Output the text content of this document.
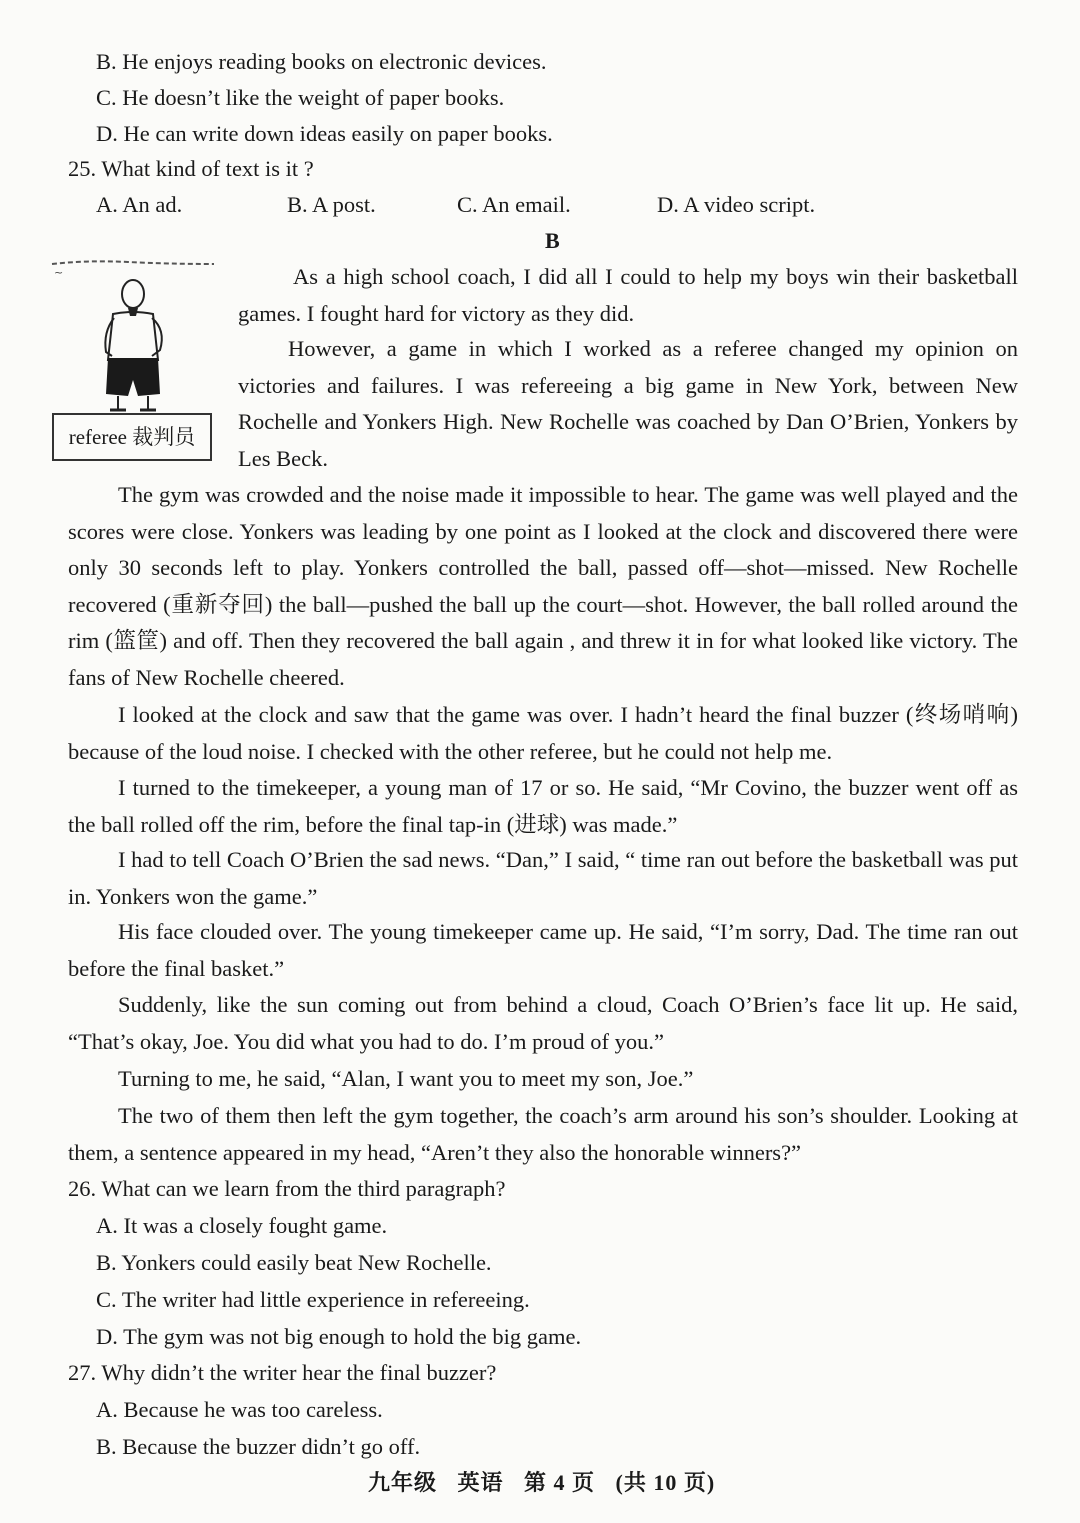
B. He enjoys reading books on electronic devices.
C. He doesn’t like the weight of paper books.
D. He can write down ideas easily on paper books.
25. What kind of text is it ?
A. An ad.	B. A post.	C. An email.	D. A video script.
B
~
referee 裁判员

As a high school coach, I did all I could to help my boys win their basketball games. I fought hard for victory as they did.

However, a game in which I worked as a referee changed my opinion on victories and failures. I was refereeing a big game in New York, between New Rochelle and Yonkers High. New Rochelle was coached by Dan O’Brien, Yonkers by Les Beck.

The gym was crowded and the noise made it impossible to hear. The game was well played and the scores were close. Yonkers was leading by one point as I looked at the clock and discovered there were only 30 seconds left to play. Yonkers controlled the ball, passed off—shot—missed. New Rochelle recovered (重新夺回) the ball—pushed the ball up the court—shot. However, the ball rolled around the rim (篮筐) and off. Then they recovered the ball again , and threw it in for what looked like victory. The fans of New Rochelle cheered.

I looked at the clock and saw that the game was over. I hadn’t heard the final buzzer (终场哨响) because of the loud noise. I checked with the other referee, but he could not help me.

I turned to the timekeeper, a young man of 17 or so. He said, “Mr Covino, the buzzer went off as the ball rolled off the rim, before the final tap-in (进球) was made.”

I had to tell Coach O’Brien the sad news. “Dan,” I said, “ time ran out before the basketball was put in. Yonkers won the game.”

His face clouded over. The young timekeeper came up. He said, “I’m sorry, Dad. The time ran out before the final basket.”

Suddenly, like the sun coming out from behind a cloud, Coach O’Brien’s face lit up. He said, “That’s okay, Joe. You did what you had to do. I’m proud of you.”

Turning to me, he said, “Alan, I want you to meet my son, Joe.”

The two of them then left the gym together, the coach’s arm around his son’s shoulder. Looking at them, a sentence appeared in my head, “Aren’t they also the honorable winners?”

26. What can we learn from the third paragraph?
A. It was a closely fought game.
B. Yonkers could easily beat New Rochelle.
C. The writer had little experience in refereeing.
D. The gym was not big enough to hold the big game.
27. Why didn’t the writer hear the final buzzer?
A. Because he was too careless.
B. Because the buzzer didn’t go off.
九年级 英语 第 4 页 (共 10 页)
